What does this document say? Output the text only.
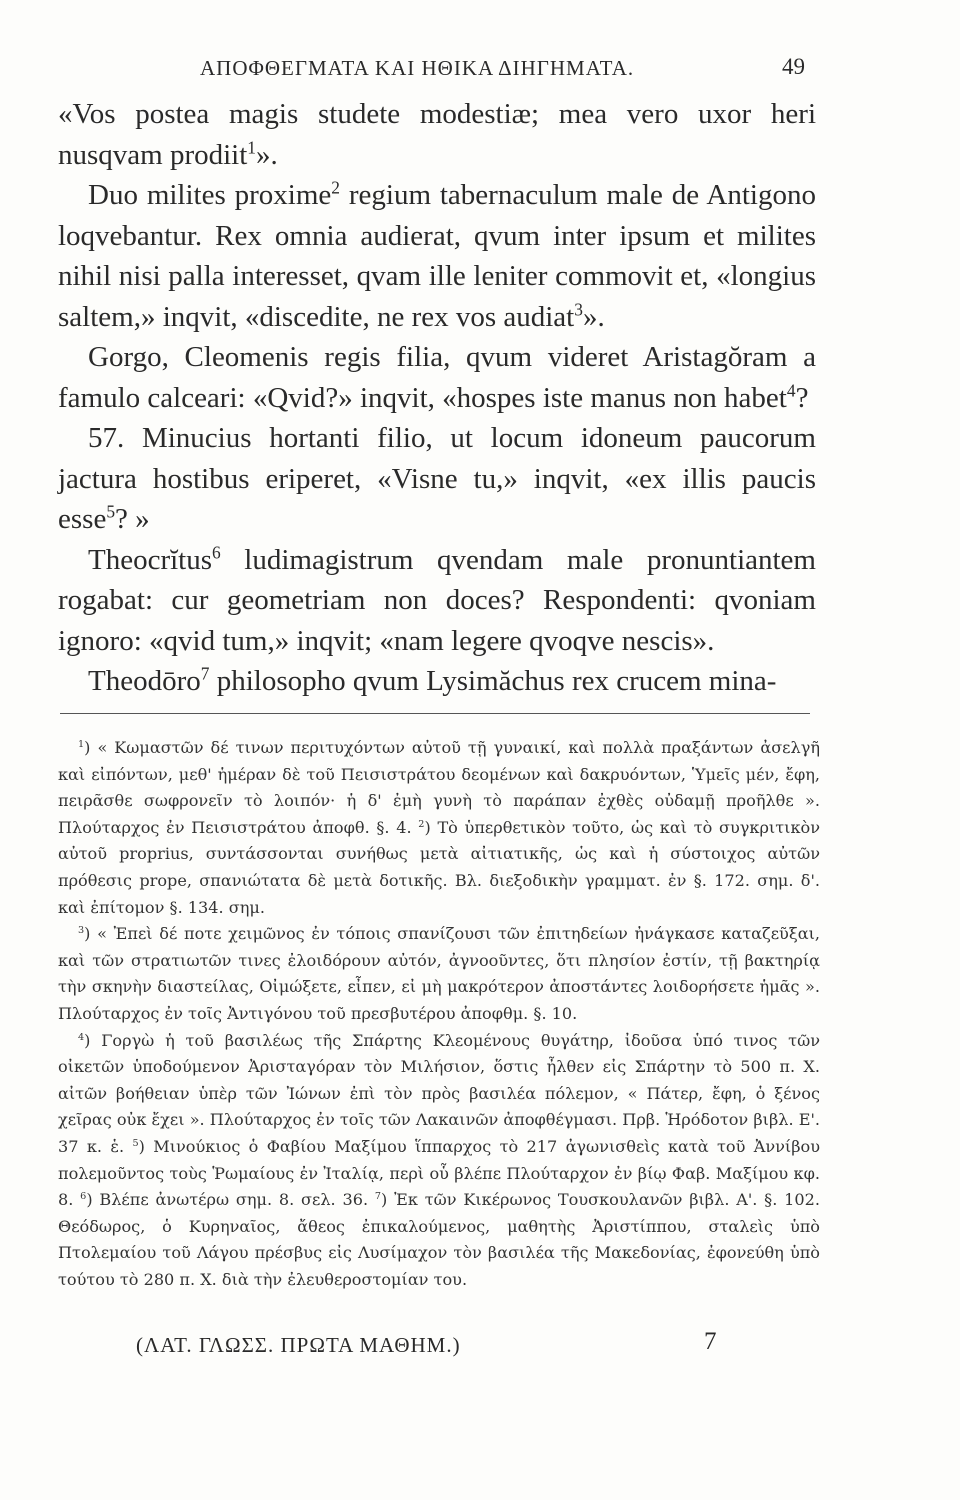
ΑΠΟΦΘΕΓΜΑΤΑ ΚΑΙ ΗΘΙΚΑ ΔΙΗΓΗΜΑΤΑ.	49

«Vos postea magis studete modestiæ; mea vero uxor heri nusqvam prodiit$^1$».

Duo milites proxime$^2$ regium tabernaculum male de Antigono loqvebantur. Rex omnia audierat, qvum inter ipsum et milites nihil nisi palla interesset, qvam ille leniter commovit et, «longius saltem,» inqvit, «discedite, ne rex vos audiat$^3$».

Gorgo, Cleomenis regis filia, qvum videret Aristagŏram a famulo calceari: «Qvid?» inqvit, «hospes iste manus non habet$^4$?

57. Minucius hortanti filio, ut locum idoneum paucorum jactura hostibus eriperet, «Visne tu,» inqvit, «ex illis paucis esse$^5$? »

Theocrĭtus$^6$ ludimagistrum qvendam male pronuntiantem rogabat: cur geometriam non doces? Respondenti: qvoniam ignoro: «qvid tum,» inqvit; «nam legere qvoqve nescis».

Theodōro$^7$ philosopho qvum Lysimăchus rex crucem mina-

$^1$) « Κωμαστῶν δέ τινων περιτυχόντων αὐτοῦ τῇ γυναικί, καὶ πολλὰ πραξάντων ἀσελγῆ καὶ εἰπόντων, μεθ' ἡμέραν δὲ τοῦ Πεισιστράτου δεομένων καὶ δακρυόντων, Ὑμεῖς μέν, ἔφη, πειρᾶσθε σωφρονεῖν τὸ λοιπόν· ἡ δ' ἐμὴ γυνὴ τὸ παράπαν ἐχθὲς οὐδαμῇ προῆλθε ». Πλούταρχος ἐν Πεισιστράτου ἀποφθ. §. 4. $^2$) Τὸ ὑπερθετικὸν τοῦτο, ὡς καὶ τὸ συγκριτικὸν αὐτοῦ proprius, συντάσσονται συνήθως μετὰ αἰτιατικῆς, ὡς καὶ ἡ σύστοιχος αὐτῶν πρόθεσις prope, σπανιώτατα δὲ μετὰ δοτικῆς. Βλ. διεξοδικὴν γραμματ. ἐν §. 172. σημ. δ'. καὶ ἐπίτομον §. 134. σημ.

$^3$) « Ἐπεὶ δέ ποτε χειμῶνος ἐν τόποις σπανίζουσι τῶν ἐπιτηδείων ἠνάγκασε καταζεῦξαι, καὶ τῶν στρατιωτῶν τινες ἐλοιδόρουν αὐτόν, ἀγνοοῦντες, ὅτι πλησίον ἐστίν, τῇ βακτηρίᾳ τὴν σκηνὴν διαστείλας, Οἰμώξετε, εἶπεν, εἰ μὴ μακρότερον ἀποστάντες λοιδορήσετε ἡμᾶς ». Πλούταρχος ἐν τοῖς Ἀντιγόνου τοῦ πρεσβυτέρου ἀποφθμ. §. 10.

$^4$) Γοργὼ ἡ τοῦ βασιλέως τῆς Σπάρτης Κλεομένους θυγάτηρ, ἰδοῦσα ὑπό τινος τῶν οἰκετῶν ὑποδούμενον Ἀρισταγόραν τὸν Μιλήσιον, ὅστις ἦλθεν εἰς Σπάρτην τὸ 500 π. Χ. αἰτῶν βοήθειαν ὑπὲρ τῶν Ἰώνων ἐπὶ τὸν πρὸς βασιλέα πόλεμον, « Πάτερ, ἔφη, ὁ ξένος χεῖρας οὐκ ἔχει ». Πλούταρχος ἐν τοῖς τῶν Λακαινῶν ἀποφθέγμασι. Πρβ. Ἡρόδοτον βιβλ. Ε'. 37 κ. ἑ. $^5$) Μινούκιος ὁ Φαβίου Μαξίμου ἵππαρχος τὸ 217 ἀγωνισθεὶς κατὰ τοῦ Ἀννίβου πολεμοῦντος τοὺς Ῥωμαίους ἐν Ἰταλίᾳ, περὶ οὗ βλέπε Πλούταρχον ἐν βίῳ Φαβ. Μαξίμου κφ. 8. $^6$) Βλέπε ἀνωτέρω σημ. 8. σελ. 36. $^7$) Ἐκ τῶν Κικέρωνος Τουσκουλανῶν βιβλ. Α'. §. 102. Θεόδωρος, ὁ Κυρηναῖος, ἄθεος ἐπικαλούμενος, μαθητὴς Ἀριστίππου, σταλεὶς ὑπὸ Πτολεμαίου τοῦ Λάγου πρέσβυς εἰς Λυσίμαχον τὸν βασιλέα τῆς Μακεδονίας, ἐφονεύθη ὑπὸ τούτου τὸ 280 π. Χ. διὰ τὴν ἐλευθεροστομίαν του.

(ΛΑΤ. ΓΛΩΣΣ. ΠΡΩΤΑ ΜΑΘΗΜ.)	7
